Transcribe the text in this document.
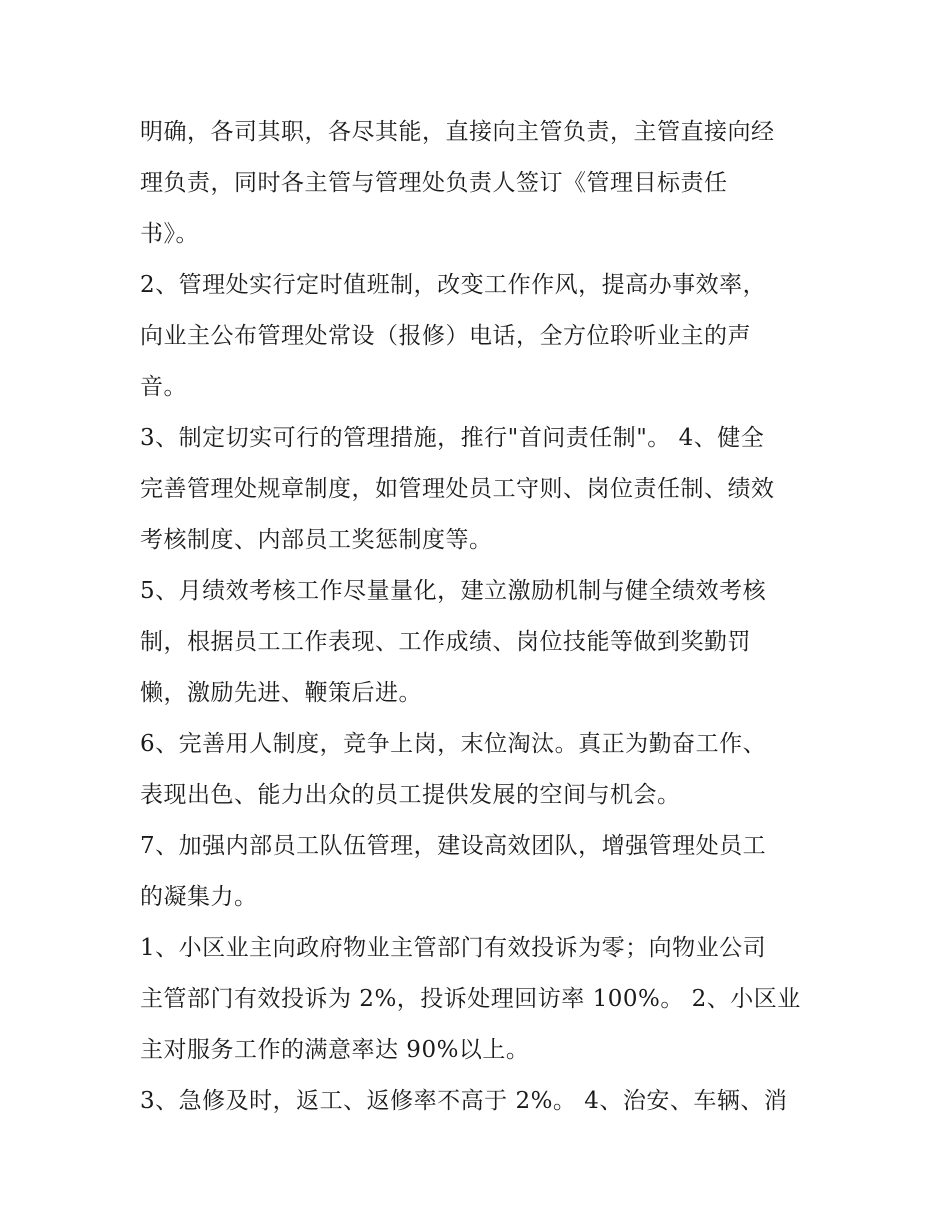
明确，各司其职，各尽其能，直接向主管负责，主管直接向经
理负责，同时各主管与管理处负责人签订《管理目标责任
书》。
2、管理处实行定时值班制，改变工作作风，提高办事效率，
向业主公布管理处常设（报修）电话，全方位聆听业主的声
音。
3、制定切实可行的管理措施，推行"首问责任制"。 4、健全
完善管理处规章制度，如管理处员工守则、岗位责任制、绩效
考核制度、内部员工奖惩制度等。
5、月绩效考核工作尽量量化，建立激励机制与健全绩效考核
制，根据员工工作表现、工作成绩、岗位技能等做到奖勤罚
懒，激励先进、鞭策后进。
6、完善用人制度，竞争上岗，末位淘汰。真正为勤奋工作、
表现出色、能力出众的员工提供发展的空间与机会。
7、加强内部员工队伍管理，建设高效团队，增强管理处员工
的凝集力。
1、小区业主向政府物业主管部门有效投诉为零；向物业公司
主管部门有效投诉为 2%，投诉处理回访率 100%。 2、小区业
主对服务工作的满意率达 90%以上。
3、急修及时，返工、返修率不高于 2%。 4、治安、车辆、消
